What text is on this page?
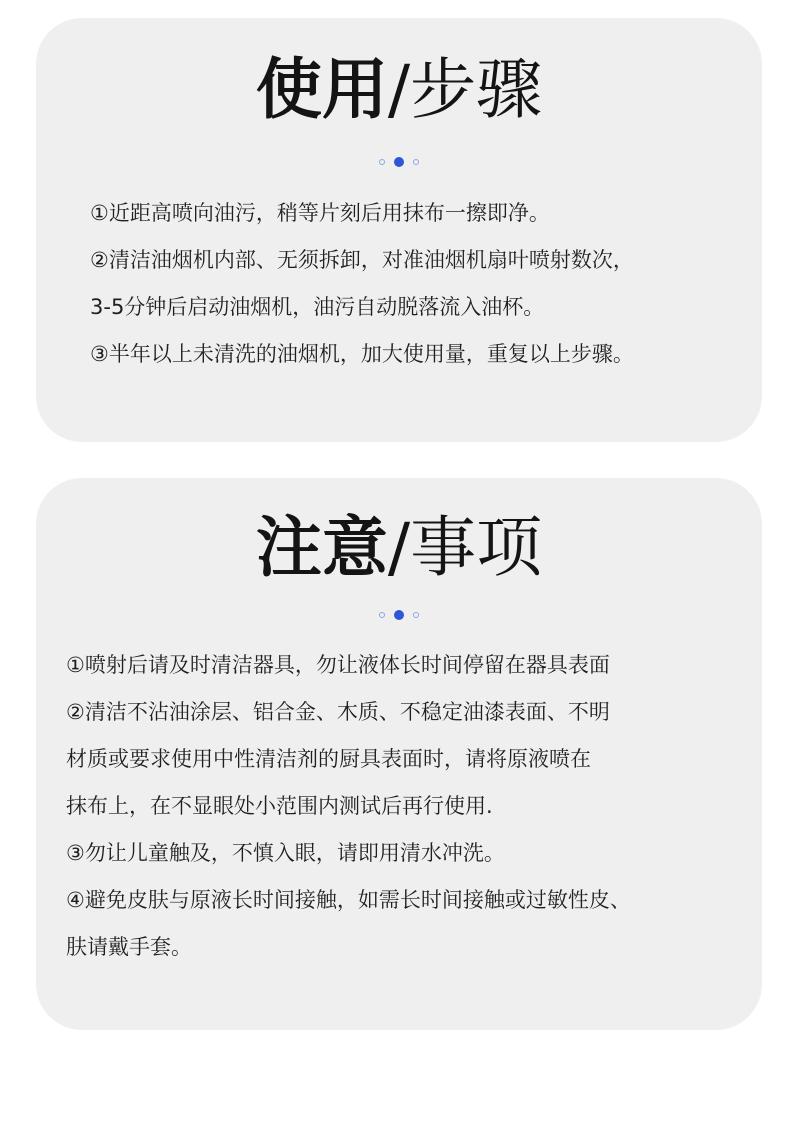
使用/步骤
①近距高喷向油污，稍等片刻后用抹布一擦即净。
②清洁油烟机内部、无须拆卸，对准油烟机扇叶喷射数次，
3-5分钟后启动油烟机，油污自动脱落流入油杯。
③半年以上未清洗的油烟机，加大使用量，重复以上步骤。
注意/事项
①喷射后请及时清洁器具，勿让液体长时间停留在器具表面
②清洁不沾油涂层、铝合金、木质、不稳定油漆表面、不明
材质或要求使用中性清洁剂的厨具表面时，请将原液喷在
抹布上，在不显眼处小范围内测试后再行使用.
③勿让儿童触及，不慎入眼，请即用清水冲洗。
④避免皮肤与原液长时间接触，如需长时间接触或过敏性皮、
肤请戴手套。
